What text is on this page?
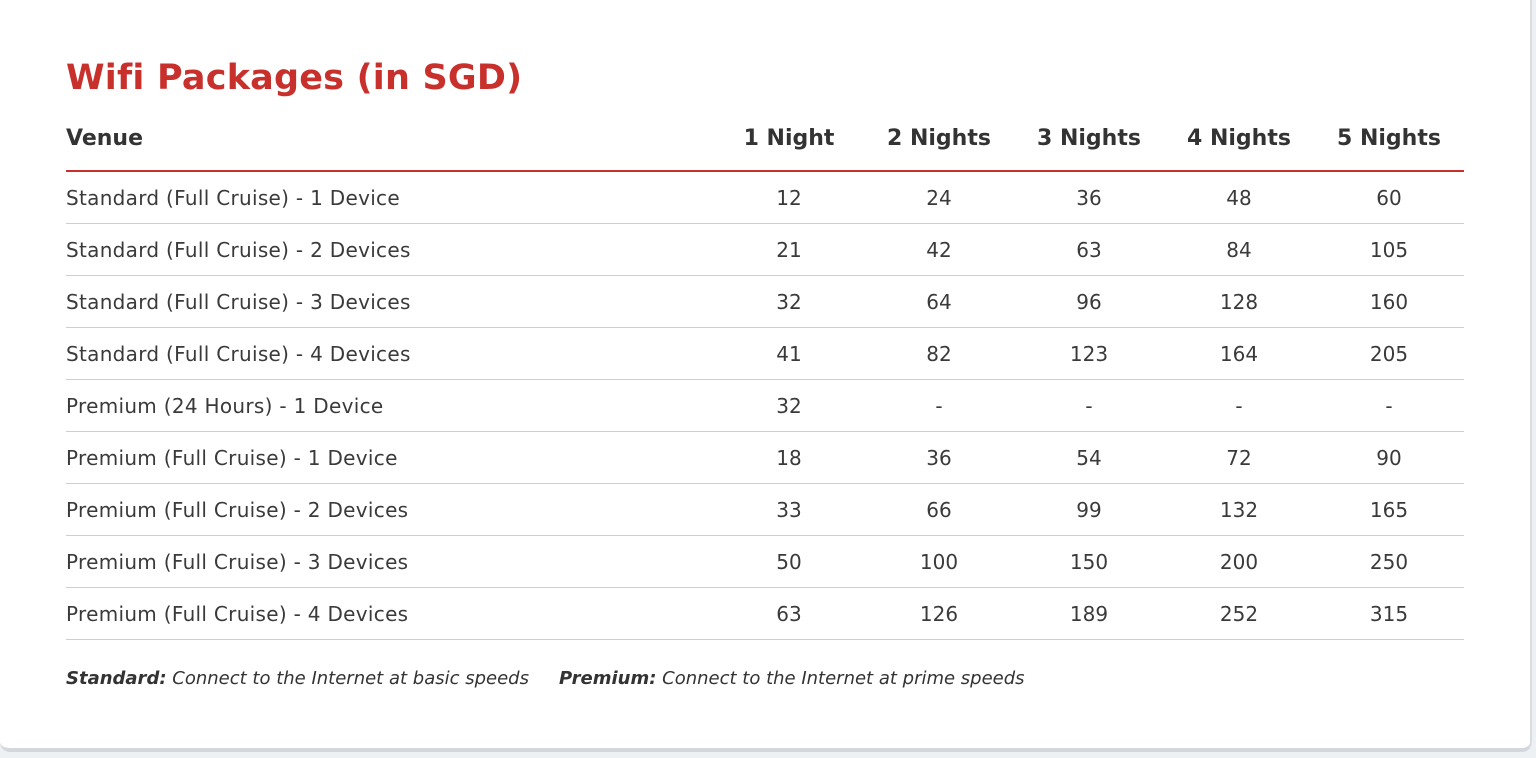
Wifi Packages (in SGD)
Venue	1 Night	2 Nights	3 Nights	4 Nights	5 Nights
Standard (Full Cruise) - 1 Device	12	24	36	48	60
Standard (Full Cruise) - 2 Devices	21	42	63	84	105
Standard (Full Cruise) - 3 Devices	32	64	96	128	160
Standard (Full Cruise) - 4 Devices	41	82	123	164	205
Premium (24 Hours) - 1 Device	32	-	-	-	-
Premium (Full Cruise) - 1 Device	18	36	54	72	90
Premium (Full Cruise) - 2 Devices	33	66	99	132	165
Premium (Full Cruise) - 3 Devices	50	100	150	200	250
Premium (Full Cruise) - 4 Devices	63	126	189	252	315
Standard: Connect to the Internet at basic speeds Premium: Connect to the Internet at prime speeds
